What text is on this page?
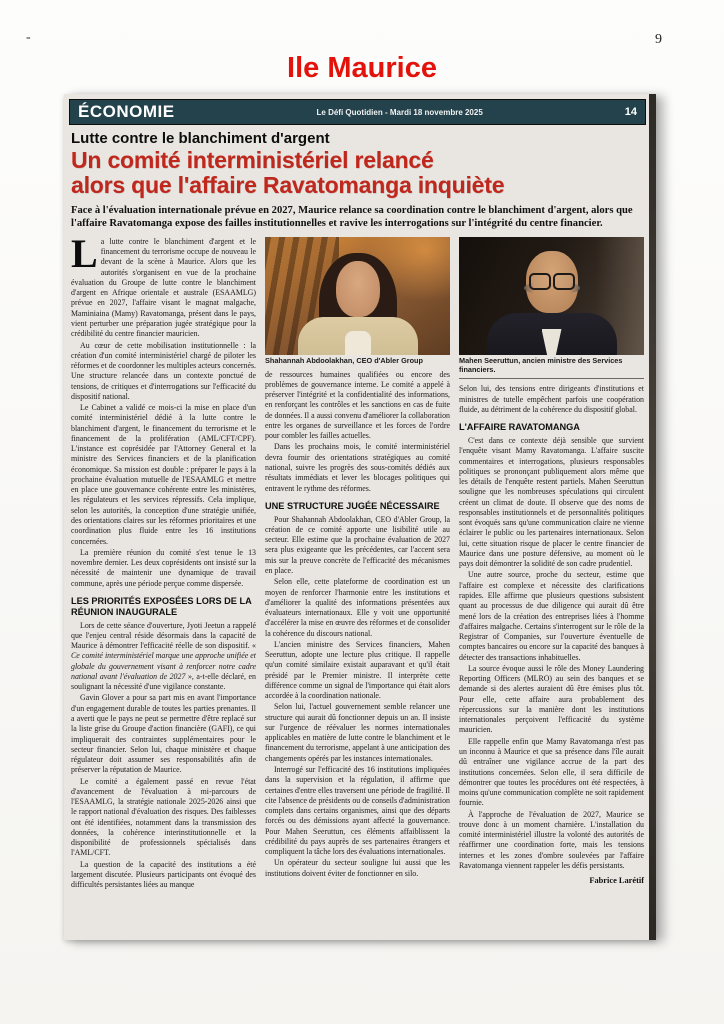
-	9
Ile Maurice
ÉCONOMIE	Le Défi Quotidien - Mardi 18 novembre 2025	14
Lutte contre le blanchiment d'argent
Un comité interministériel relancé
alors que l'affaire Ravatomanga inquiète

Face à l'évaluation internationale prévue en 2027, Maurice relance sa coordination contre le blanchiment d'argent, alors que l'affaire Ravatomanga expose des failles institutionnelles et ravive les interrogations sur l'intégrité du centre financier.

La lutte contre le blanchiment d'argent et le financement du terrorisme occupe de nouveau le devant de la scène à Maurice. Alors que les autorités s'organisent en vue de la prochaine évaluation du Groupe de lutte contre le blanchiment d'argent en Afrique orientale et australe (ESAAMLG) prévue en 2027, l'affaire visant le magnat malgache, Maminiaina (Mamy) Ravatomanga, présent dans le pays, vient perturber une préparation jugée stratégique pour la crédibilité du centre financier mauricien.

Au cœur de cette mobilisation institutionnelle : la création d'un comité interministériel chargé de piloter les réformes et de coordonner les multiples acteurs concernés. Une structure relancée dans un contexte ponctué de tensions, de critiques et d'interrogations sur l'efficacité du dispositif national.

Le Cabinet a validé ce mois-ci la mise en place d'un comité interministériel dédié à la lutte contre le blanchiment d'argent, le financement du terrorisme et le financement de la prolifération (AML/CFT/CPF). L'instance est coprésidée par l'Attorney General et la ministre des Services financiers et de la planification économique. Sa mission est double : préparer le pays à la prochaine évaluation mutuelle de l'ESAAMLG et mettre en place une gouvernance cohérente entre les ministères, les régulateurs et les services répressifs. Cela implique, selon les autorités, la conception d'une stratégie unifiée, des orientations claires sur les réformes prioritaires et une coordination plus fluide entre les 16 institutions concernées.

La première réunion du comité s'est tenue le 13 novembre dernier. Les deux coprésidents ont insisté sur la nécessité de maintenir une dynamique de travail commune, après une période perçue comme dispersée.

LES PRIORITÉS EXPOSÉES LORS DE LA RÉUNION INAUGURALE

Lors de cette séance d'ouverture, Jyoti Jeetun a rappelé que l'enjeu central réside désormais dans la capacité de Maurice à démontrer l'efficacité réelle de son dispositif. « Ce comité interministériel marque une approche unifiée et globale du gouvernement visant à renforcer notre cadre national avant l'évaluation de 2027 », a-t-elle déclaré, en soulignant la nécessité d'une vigilance constante.

Gavin Glover a pour sa part mis en avant l'importance d'un engagement durable de toutes les parties prenantes. Il a averti que le pays ne peut se permettre d'être replacé sur la liste grise du Groupe d'action financière (GAFI), ce qui impliquerait des contraintes supplémentaires pour le secteur financier. Selon lui, chaque ministère et chaque régulateur doit assumer ses responsabilités afin de préserver la réputation de Maurice.

Le comité a également passé en revue l'état d'avancement de l'évaluation à mi-parcours de l'ESAAMLG, la stratégie nationale 2025-2026 ainsi que le rapport national d'évaluation des risques. Des faiblesses ont été identifiées, notamment dans la transmission des données, la cohérence interinstitutionnelle et la disponibilité de professionnels spécialisés dans l'AML/CFT.

La question de la capacité des institutions a été largement discutée. Plusieurs participants ont évoqué des difficultés persistantes liées au manque

Shahannah Abdoolakhan, CEO d'Abler Group

de ressources humaines qualifiées ou encore des problèmes de gouvernance interne. Le comité a appelé à préserver l'intégrité et la confidentialité des informations, en renforçant les contrôles et les sanctions en cas de fuite de données. Il a aussi convenu d'améliorer la collaboration entre les organes de surveillance et les forces de l'ordre pour combler les failles actuelles.

Dans les prochains mois, le comité interministériel devra fournir des orientations stratégiques au comité national, suivre les progrès des sous-comités dédiés aux résultats immédiats et lever les blocages politiques qui entravent le rythme des réformes.

UNE STRUCTURE JUGÉE NÉCESSAIRE

Pour Shahannah Abdoolakhan, CEO d'Abler Group, la création de ce comité apporte une lisibilité utile au secteur. Elle estime que la prochaine évaluation de 2027 sera plus exigeante que les précédentes, car l'accent sera mis sur la preuve concrète de l'efficacité des mécanismes en place.

Selon elle, cette plateforme de coordination est un moyen de renforcer l'harmonie entre les institutions et d'améliorer la qualité des informations présentées aux évaluateurs internationaux. Elle y voit une opportunité d'accélérer la mise en œuvre des réformes et de consolider la cohérence du discours national.

L'ancien ministre des Services financiers, Mahen Seeruttun, adopte une lecture plus critique. Il rappelle qu'un comité similaire existait auparavant et qu'il était présidé par le Premier ministre. Il interprète cette différence comme un signal de l'importance qui était alors accordée à la coordination nationale.

Selon lui, l'actuel gouvernement semble relancer une structure qui aurait dû fonctionner depuis un an. Il insiste sur l'urgence de réévaluer les normes internationales applicables en matière de lutte contre le blanchiment et le financement du terrorisme, appelant à une anticipation des changements opérés par les instances internationales.

Interrogé sur l'efficacité des 16 institutions impliquées dans la supervision et la régulation, il affirme que certaines d'entre elles traversent une période de fragilité. Il cite l'absence de présidents ou de conseils d'administration complets dans certains organismes, ainsi que des départs forcés ou des démissions ayant affecté la gouvernance. Pour Mahen Seeruttun, ces éléments affaiblissent la crédibilité du pays auprès de ses partenaires étrangers et compliquent la tâche lors des évaluations internationales.

Un opérateur du secteur souligne lui aussi que les institutions doivent éviter de fonctionner en silo.

Mahen Seeruttun, ancien ministre des Services financiers.

Selon lui, des tensions entre dirigeants d'institutions et ministres de tutelle empêchent parfois une coopération fluide, au détriment de la cohérence du dispositif global.

L'AFFAIRE RAVATOMANGA

C'est dans ce contexte déjà sensible que survient l'enquête visant Mamy Ravatomanga. L'affaire suscite commentaires et interrogations, plusieurs responsables politiques se prononçant publiquement alors même que les détails de l'enquête restent partiels. Mahen Seeruttun souligne que les nombreuses spéculations qui circulent créent un climat de doute. Il observe que des noms de responsables institutionnels et de personnalités politiques sont évoqués sans qu'une communication claire ne vienne éclairer le public ou les partenaires internationaux. Selon lui, cette situation risque de placer le centre financier de Maurice dans une posture défensive, au moment où le pays doit démontrer la solidité de son cadre prudentiel.

Une autre source, proche du secteur, estime que l'affaire est complexe et nécessite des clarifications rapides. Elle affirme que plusieurs questions subsistent quant au processus de due diligence qui aurait dû être mené lors de la création des entreprises liées à l'homme d'affaires malgache. Certains s'interrogent sur le rôle de la Registrar of Companies, sur l'ouverture éventuelle de comptes bancaires ou encore sur la capacité des banques à détecter des transactions inhabituelles.

La source évoque aussi le rôle des Money Laundering Reporting Officers (MLRO) au sein des banques et se demande si des alertes auraient dû être émises plus tôt. Pour elle, cette affaire aura probablement des répercussions sur la manière dont les institutions internationales perçoivent l'efficacité du système mauricien.

Elle rappelle enfin que Mamy Ravatomanga n'est pas un inconnu à Maurice et que sa présence dans l'île aurait dû entraîner une vigilance accrue de la part des institutions concernées. Selon elle, il sera difficile de démontrer que toutes les procédures ont été respectées, à moins qu'une communication complète ne soit rapidement fournie.

À l'approche de l'évaluation de 2027, Maurice se trouve donc à un moment charnière. L'installation du comité interministériel illustre la volonté des autorités de réaffirmer une coordination forte, mais les tensions internes et les zones d'ombre soulevées par l'affaire Ravatomanga viennent rappeler les défis persistants.

Fabrice Larétif
